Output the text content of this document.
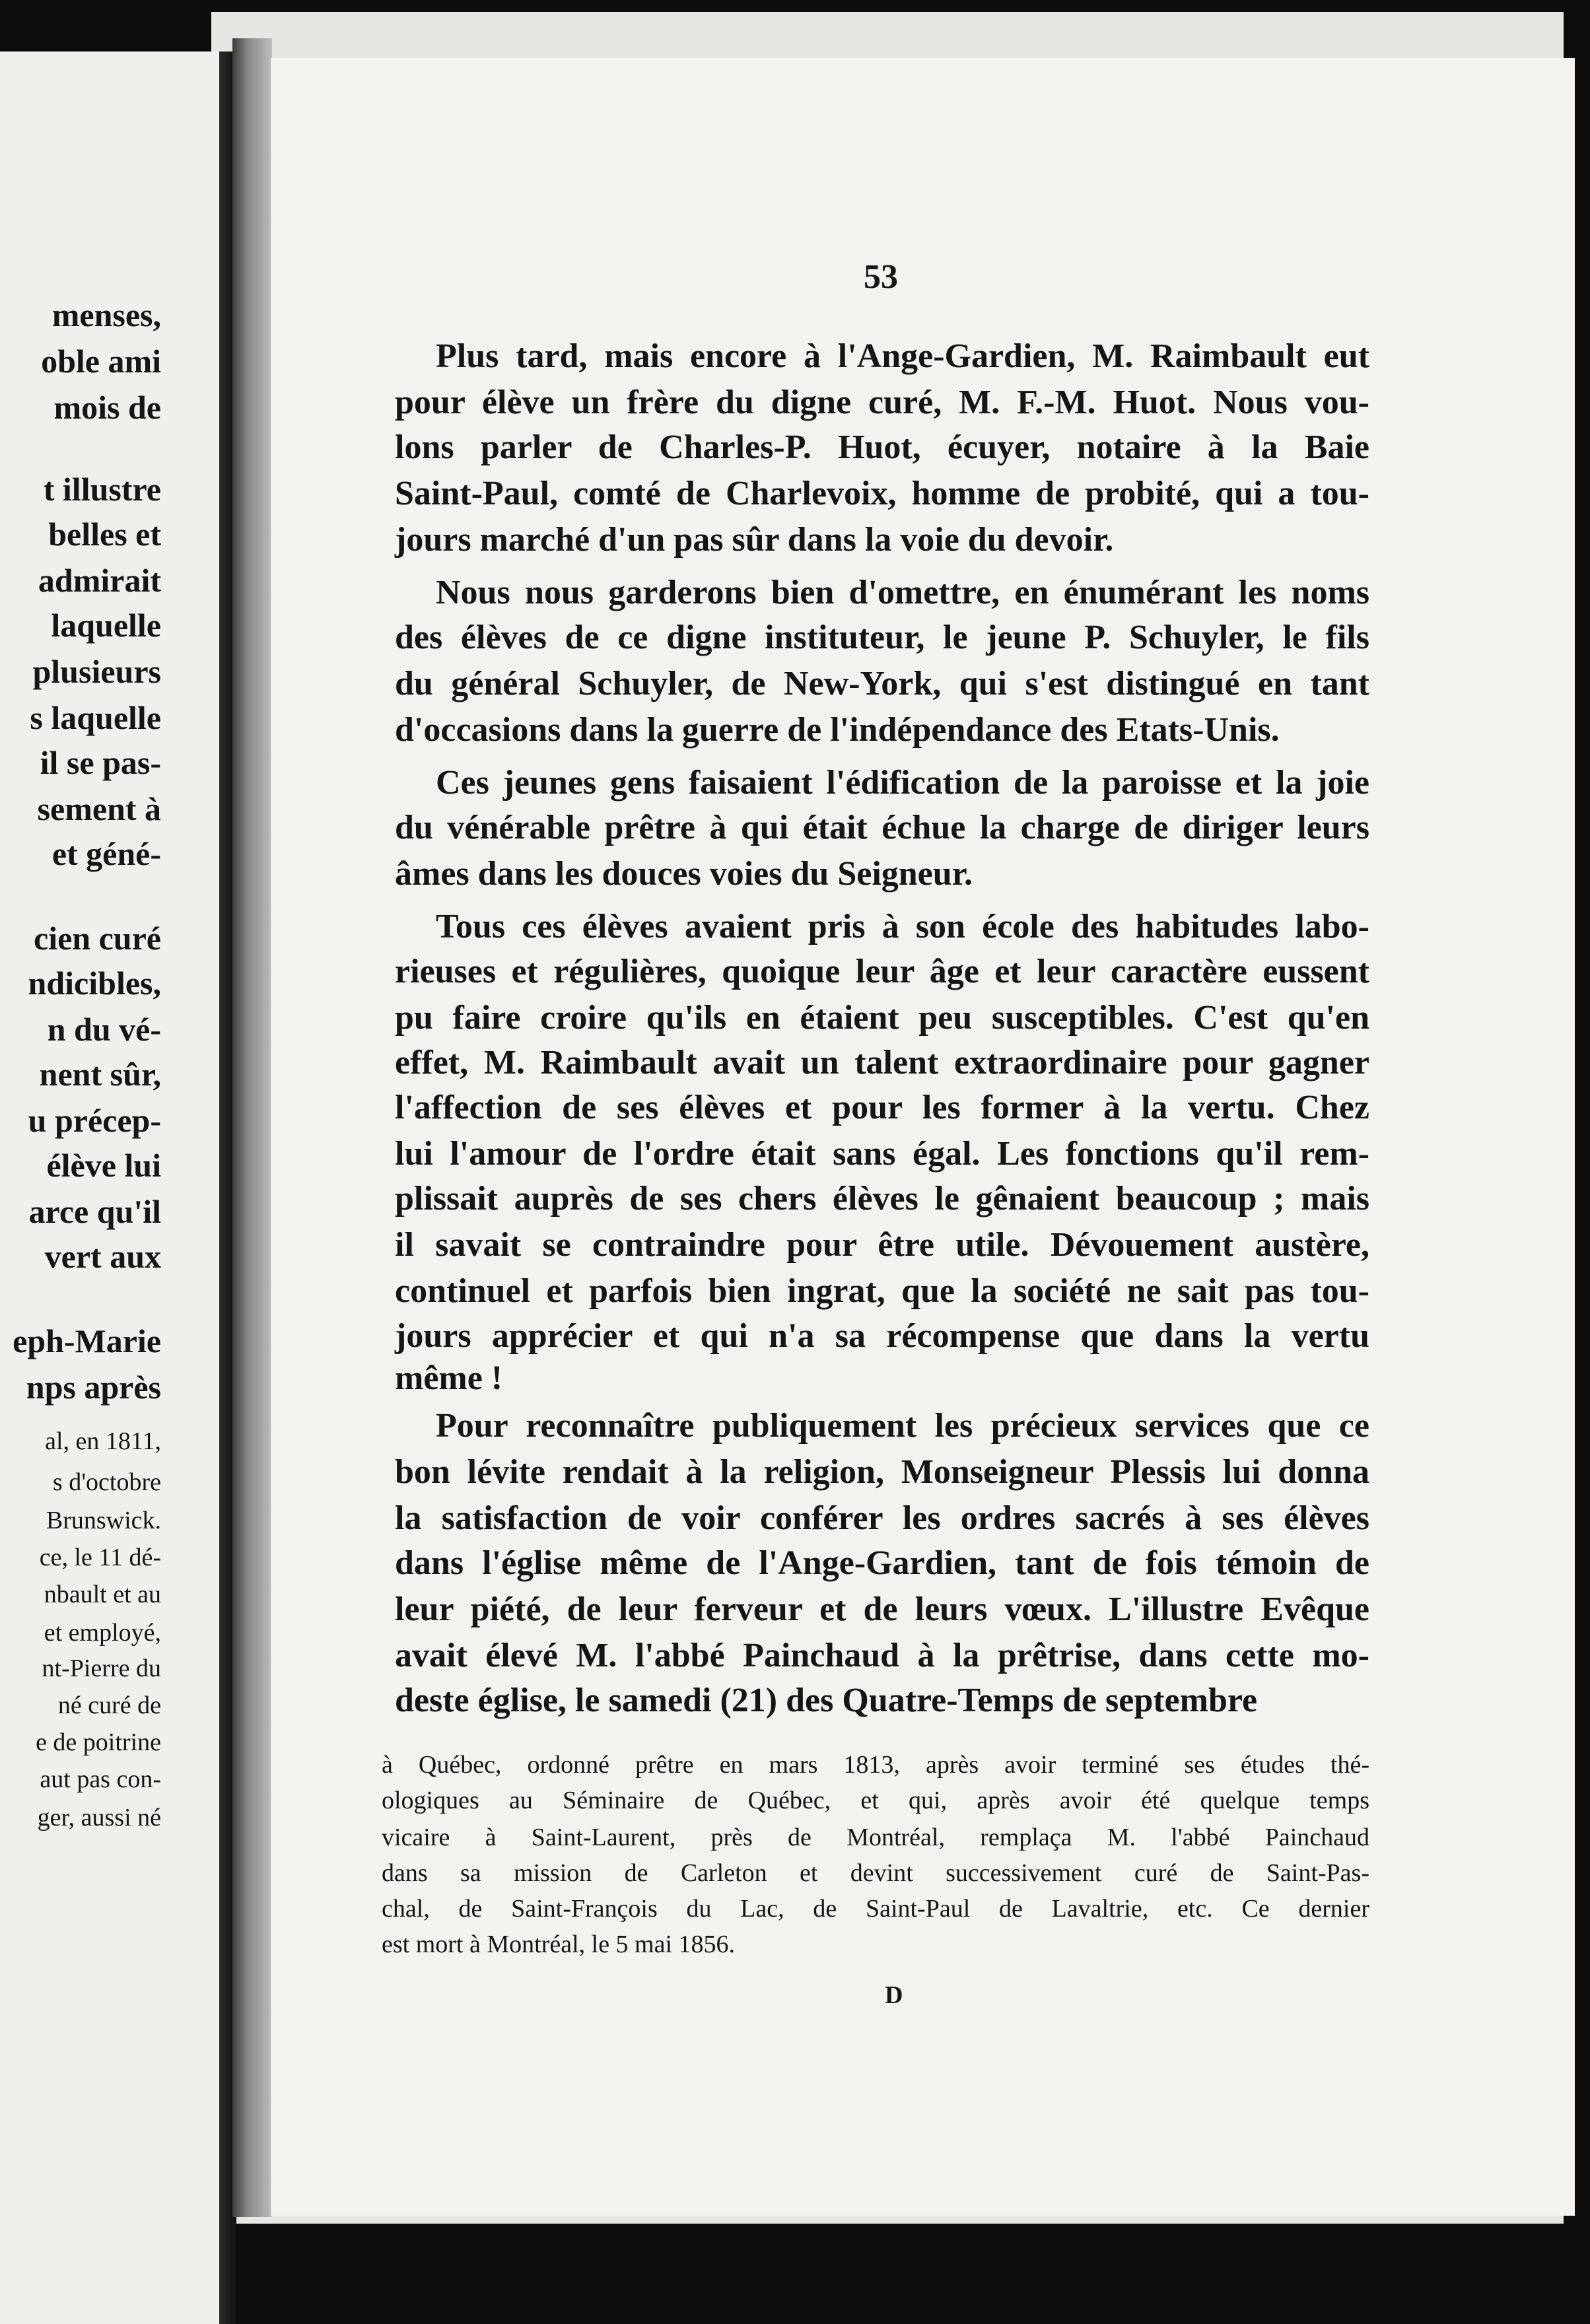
menses,
oble ami
mois de
t illustre
belles et
admirait
laquelle
plusieurs
s laquelle
il se pas-
sement à
et géné-
cien curé
ndicibles,
n du vé-
nent sûr,
u précep-
élève lui
arce qu'il
vert aux
eph-Marie
nps après
al, en 1811,
s d'octobre
Brunswick.
ce, le 11 dé-
nbault et au
et employé,
nt-Pierre du
né curé de
e de poitrine
aut pas con-
ger, aussi né
53
Plus tard, mais encore à l'Ange-Gardien, M. Raimbault eut
pour élève un frère du digne curé, M. F.-M. Huot. Nous vou-
lons parler de Charles-P. Huot, écuyer, notaire à la Baie
Saint-Paul, comté de Charlevoix, homme de probité, qui a tou-
jours marché d'un pas sûr dans la voie du devoir.
Nous nous garderons bien d'omettre, en énumérant les noms
des élèves de ce digne instituteur, le jeune P. Schuyler, le fils
du général Schuyler, de New-York, qui s'est distingué en tant
d'occasions dans la guerre de l'indépendance des Etats-Unis.
Ces jeunes gens faisaient l'édification de la paroisse et la joie
du vénérable prêtre à qui était échue la charge de diriger leurs
âmes dans les douces voies du Seigneur.
Tous ces élèves avaient pris à son école des habitudes labo-
rieuses et régulières, quoique leur âge et leur caractère eussent
pu faire croire qu'ils en étaient peu susceptibles. C'est qu'en
effet, M. Raimbault avait un talent extraordinaire pour gagner
l'affection de ses élèves et pour les former à la vertu. Chez
lui l'amour de l'ordre était sans égal. Les fonctions qu'il rem-
plissait auprès de ses chers élèves le gênaient beaucoup ; mais
il savait se contraindre pour être utile. Dévouement austère,
continuel et parfois bien ingrat, que la société ne sait pas tou-
jours apprécier et qui n'a sa récompense que dans la vertu
même !
Pour reconnaître publiquement les précieux services que ce
bon lévite rendait à la religion, Monseigneur Plessis lui donna
la satisfaction de voir conférer les ordres sacrés à ses élèves
dans l'église même de l'Ange-Gardien, tant de fois témoin de
leur piété, de leur ferveur et de leurs vœux. L'illustre Evêque
avait élevé M. l'abbé Painchaud à la prêtrise, dans cette mo-
deste église, le samedi (21) des Quatre-Temps de septembre
à Québec, ordonné prêtre en mars 1813, après avoir terminé ses études thé-
ologiques au Séminaire de Québec, et qui, après avoir été quelque temps
vicaire à Saint-Laurent, près de Montréal, remplaça M. l'abbé Painchaud
dans sa mission de Carleton et devint successivement curé de Saint-Pas-
chal, de Saint-François du Lac, de Saint-Paul de Lavaltrie, etc. Ce dernier
est mort à Montréal, le 5 mai 1856.
D
